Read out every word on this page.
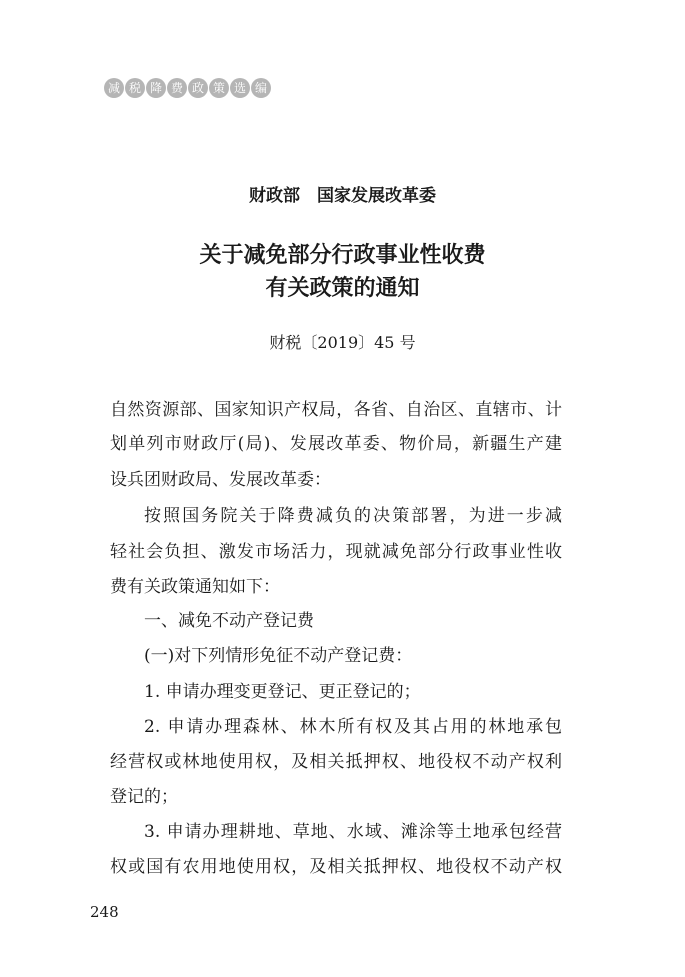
减 税 降 费 政 策 选 编
财政部　国家发展改革委
关于减免部分行政事业性收费
有关政策的通知
财税〔2019〕45 号
自然资源部、国家知识产权局，各省、自治区、直辖市、计
划单列市财政厅(局)、发展改革委、物价局，新疆生产建
设兵团财政局、发展改革委：
按照国务院关于降费减负的决策部署，为进一步减
轻社会负担、激发市场活力，现就减免部分行政事业性收
费有关政策通知如下：
一、减免不动产登记费
(一)对下列情形免征不动产登记费：
1. 申请办理变更登记、更正登记的；
2. 申请办理森林、林木所有权及其占用的林地承包
经营权或林地使用权，及相关抵押权、地役权不动产权利
登记的；
3. 申请办理耕地、草地、水域、滩涂等土地承包经营
权或国有农用地使用权，及相关抵押权、地役权不动产权
248
